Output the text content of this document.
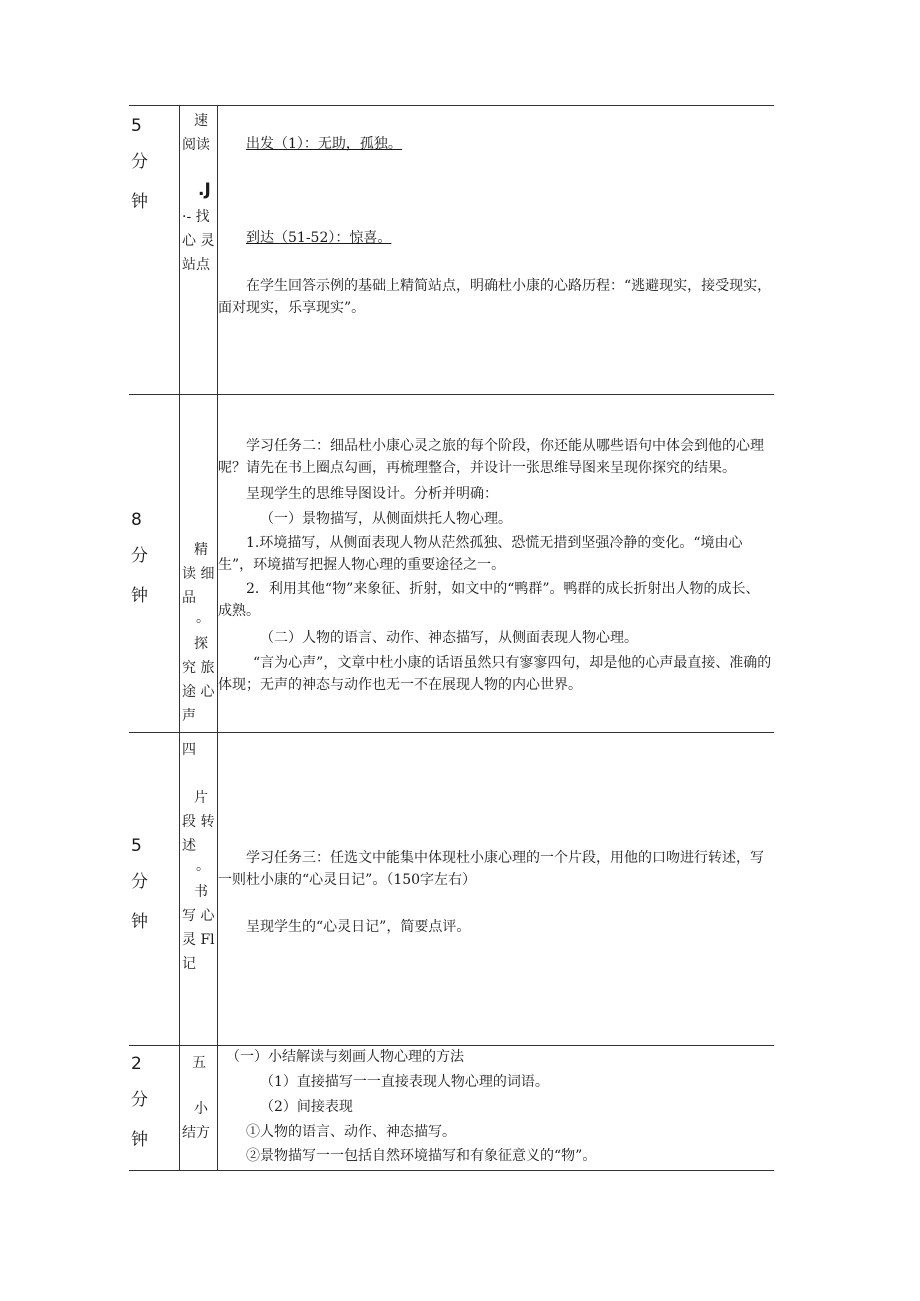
5
分
钟
速
阅读
.J
·- 找
心 灵
站点
出发（1）：无助，孤独。
到达（51-52）：惊喜。
在学生回答示例的基础上精简站点，明确杜小康的心路历程：“逃避现实，接受现实，面对现实，乐享现实”。
8
分
钟
精
读 细
品
。
探
究 旅
途 心
声
学习任务二：细品杜小康心灵之旅的每个阶段，你还能从哪些语句中体会到他的心理呢？请先在书上圈点勾画，再梳理整合，并设计一张思维导图来呈现你探究的结果。
呈现学生的思维导图设计。分析并明确：
（一）景物描写，从侧面烘托人物心理。
1.环境描写，从侧面表现人物从茫然孤独、恐慌无措到坚强冷静的变化。“境由心生”，环境描写把握人物心理的重要途径之一。
2．利用其他“物”来象征、折射，如文中的“鸭群”。鸭群的成长折射出人物的成长、成熟。
（二）人物的语言、动作、神态描写，从侧面表现人物心理。
“言为心声”，文章中杜小康的话语虽然只有寥寥四句，却是他的心声最直接、准确的体现；无声的神态与动作也无一不在展现人物的内心世界。
5
分
钟
四
片
段 转
述
。
书
写 心
灵 Fl
记
学习任务三：任选文中能集中体现杜小康心理的一个片段，用他的口吻进行转述，写一则杜小康的“心灵日记”。（150字左右）
呈现学生的“心灵日记”，简要点评。
2
分
钟
五
小
结方
（一）小结解读与刻画人物心理的方法
（1）直接描写一一直接表现人物心理的词语。
（2）间接表现
①人物的语言、动作、神态描写。
②景物描写一一包括自然环境描写和有象征意义的“物”。
